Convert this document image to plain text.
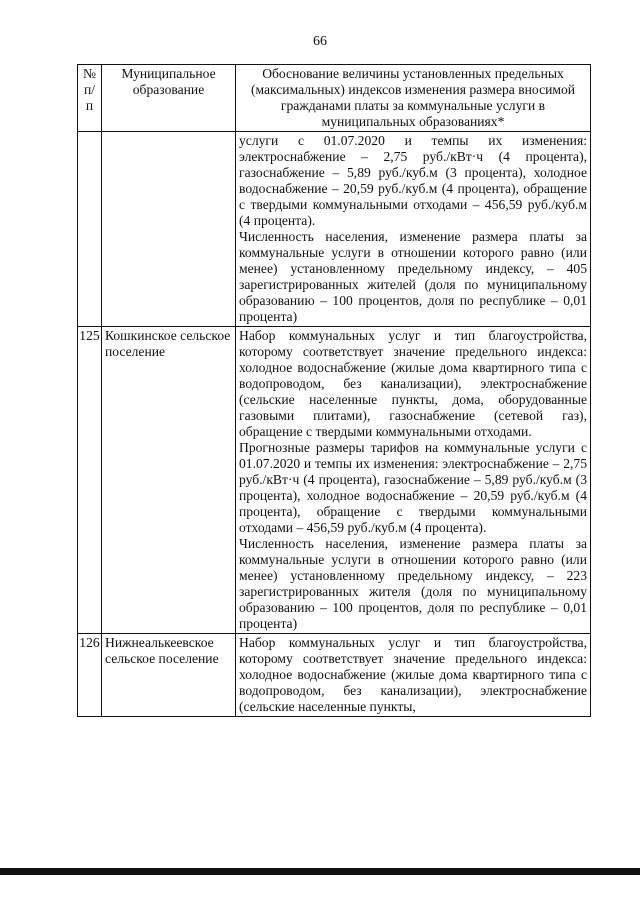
66
№ п/п	Муниципальное образование	Обоснование величины установленных предельных (максимальных) индексов изменения размера вносимой гражданами платы за коммунальные услуги в муниципальных образованиях*

		услуги с 01.07.2020 и темпы их изменения: электроснабжение – 2,75 руб./кВт·ч (4 процента), газоснабжение – 5,89 руб./куб.м (3 процента), холодное водоснабжение – 20,59 руб./куб.м (4 процента), обращение с твердыми коммунальными отходами – 456,59 руб./куб.м (4 процента).
Численность населения, изменение размера платы за коммунальные услуги в отношении которого равно (или менее) установленному предельному индексу, – 405 зарегистрированных жителей (доля по муниципальному образованию – 100 процентов, доля по республике – 0,01 процента)

125	Кошкинское сельское поселение	Набор коммунальных услуг и тип благоустройства, которому соответствует значение предельного индекса: холодное водоснабжение (жилые дома квартирного типа с водопроводом, без канализации), электроснабжение (сельские населенные пункты, дома, оборудованные газовыми плитами), газоснабжение (сетевой газ), обращение с твердыми коммунальными отходами.
Прогнозные размеры тарифов на коммунальные услуги с 01.07.2020 и темпы их изменения: электроснабжение – 2,75 руб./кВт·ч (4 процента), газоснабжение – 5,89 руб./куб.м (3 процента), холодное водоснабжение – 20,59 руб./куб.м (4 процента), обращение с твердыми коммунальными отходами – 456,59 руб./куб.м (4 процента).
Численность населения, изменение размера платы за коммунальные услуги в отношении которого равно (или менее) установленному предельному индексу, – 223 зарегистрированных жителя (доля по муниципальному образованию – 100 процентов, доля по республике – 0,01 процента)

126	Нижнеалькеевское сельское поселение	Набор коммунальных услуг и тип благоустройства, которому соответствует значение предельного индекса: холодное водоснабжение (жилые дома квартирного типа с водопроводом, без канализации), электроснабжение (сельские населенные пункты,
